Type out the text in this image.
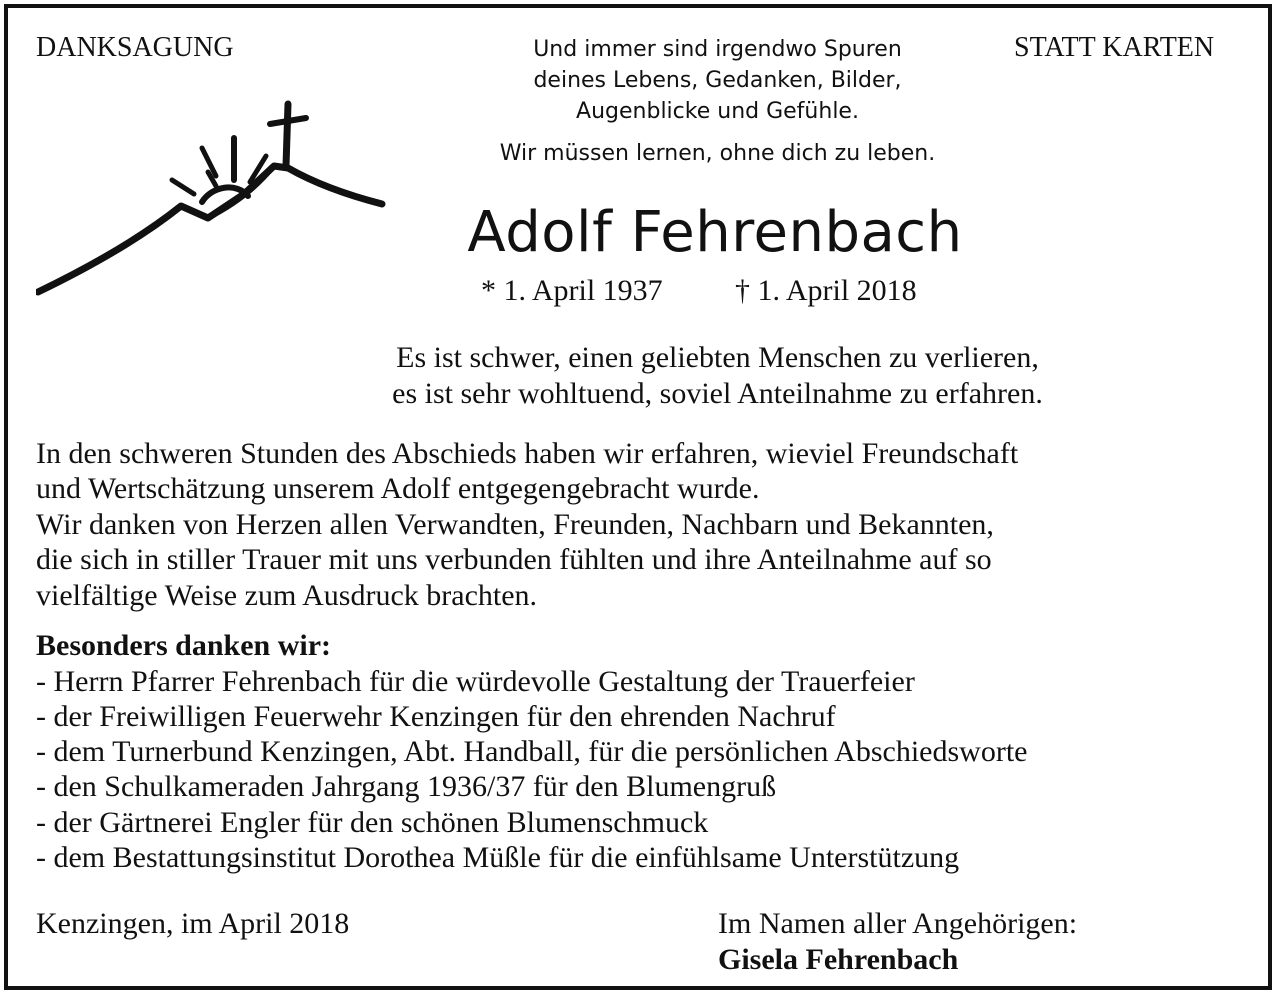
DANKSAGUNG	STATT KARTEN
Und immer sind irgendwo Spuren
deines Lebens, Gedanken, Bilder,
Augenblicke und Gefühle.
Wir müssen lernen, ohne dich zu leben.
Adolf Fehrenbach
* 1. April 1937 † 1. April 2018
Es ist schwer, einen geliebten Menschen zu verlieren,
es ist sehr wohltuend, soviel Anteilnahme zu erfahren.
In den schweren Stunden des Abschieds haben wir erfahren, wieviel Freundschaft
und Wertschätzung unserem Adolf entgegengebracht wurde.
Wir danken von Herzen allen Verwandten, Freunden, Nachbarn und Bekannten,
die sich in stiller Trauer mit uns verbunden fühlten und ihre Anteilnahme auf so
vielfältige Weise zum Ausdruck brachten.
Besonders danken wir:
- Herrn Pfarrer Fehrenbach für die würdevolle Gestaltung der Trauerfeier
- der Freiwilligen Feuerwehr Kenzingen für den ehrenden Nachruf
- dem Turnerbund Kenzingen, Abt. Handball, für die persönlichen Abschiedsworte
- den Schulkameraden Jahrgang 1936/37 für den Blumengruß
- der Gärtnerei Engler für den schönen Blumenschmuck
- dem Bestattungsinstitut Dorothea Müßle für die einfühlsame Unterstützung
Kenzingen, im April 2018	Im Namen aller Angehörigen:
Gisela Fehrenbach
